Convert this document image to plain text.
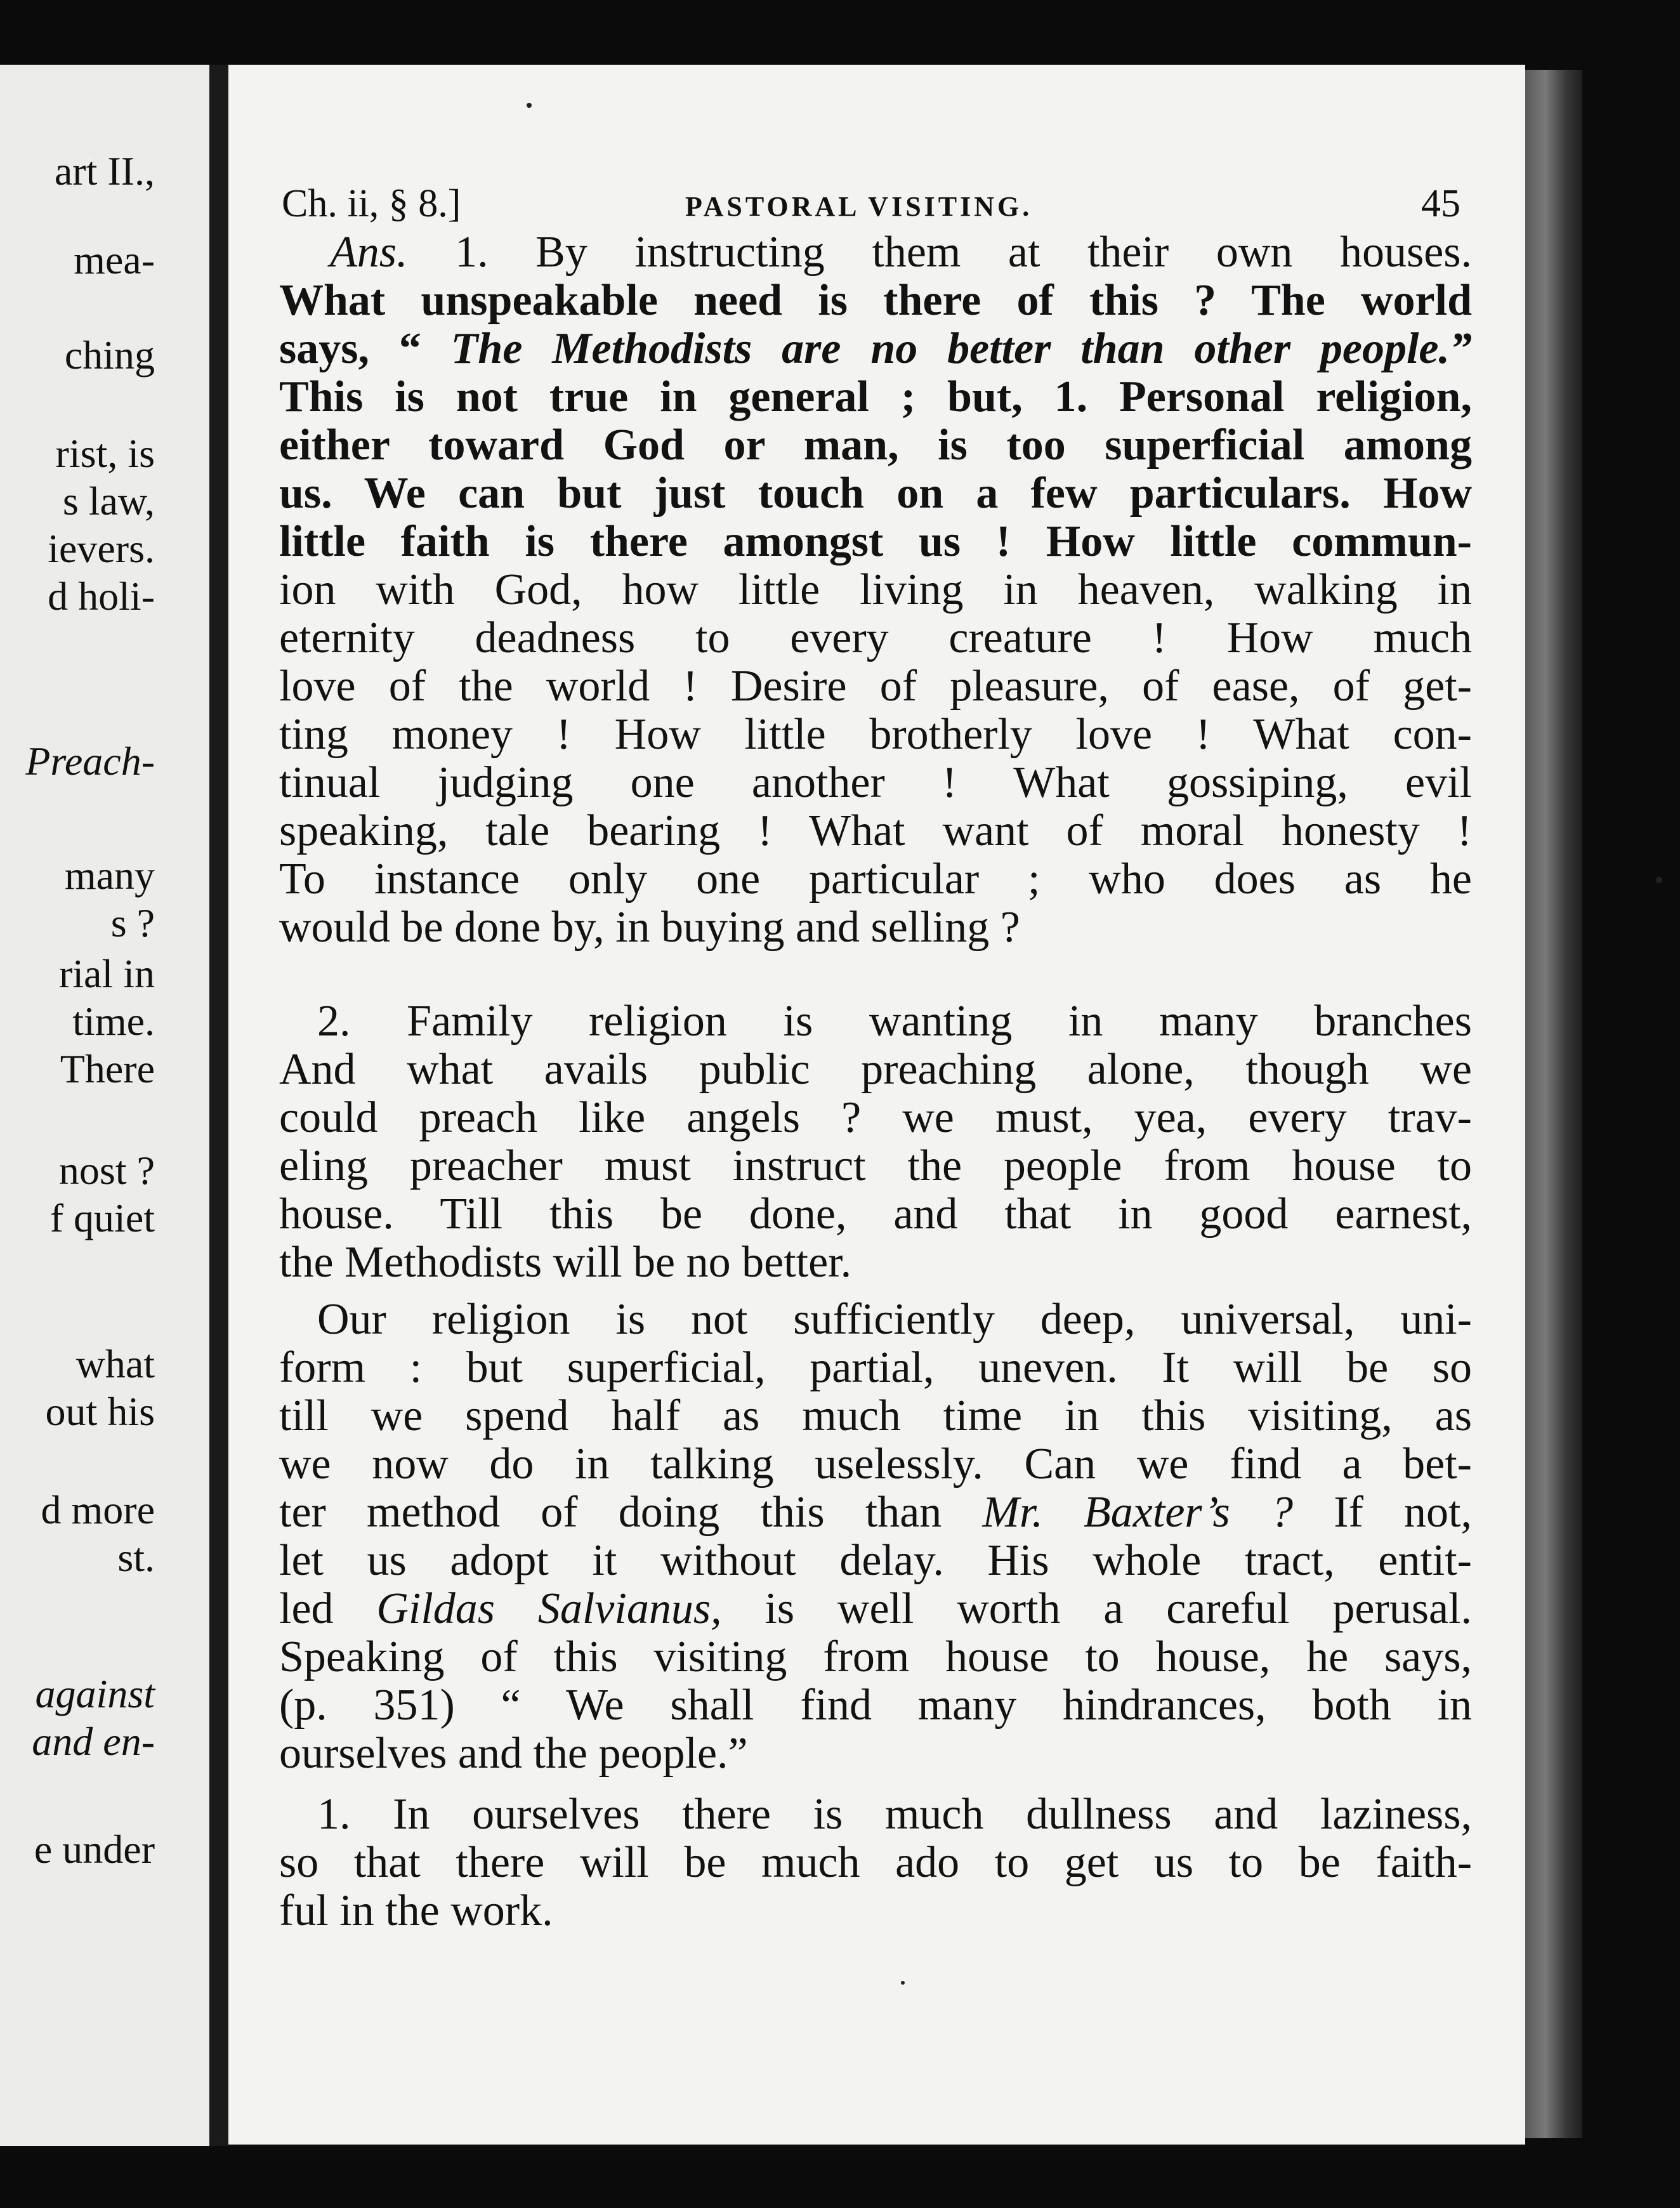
art II.,
mea-
ching
rist, is
s law,
ievers.
d holi-
Preach-
many
s ?
rial in
time.
There
nost ?
f quiet
what
out his
d more
st.
against
and en-
e under
Ch. ii, § 8.]	PASTORAL VISITING.	45
Ans. 1. By instructing them at their own houses.
What unspeakable need is there of this ? The world
says, “ The Methodists are no better than other people.”
This is not true in general ; but, 1. Personal religion,
either toward God or man, is too superficial among
us. We can but just touch on a few particulars. How
little faith is there amongst us ! How little commun-
ion with God, how little living in heaven, walking in
eternity deadness to every creature ! How much
love of the world ! Desire of pleasure, of ease, of get-
ting money ! How little brotherly love ! What con-
tinual judging one another ! What gossiping, evil
speaking, tale bearing ! What want of moral honesty !
To instance only one particular ; who does as he
would be done by, in buying and selling ?
2. Family religion is wanting in many branches
And what avails public preaching alone, though we
could preach like angels ? we must, yea, every trav-
eling preacher must instruct the people from house to
house. Till this be done, and that in good earnest,
the Methodists will be no better.
Our religion is not sufficiently deep, universal, uni-
form : but superficial, partial, uneven. It will be so
till we spend half as much time in this visiting, as
we now do in talking uselessly. Can we find a bet-
ter method of doing this than Mr. Baxter’s ? If not,
let us adopt it without delay. His whole tract, entit-
led Gildas Salvianus, is well worth a careful perusal.
Speaking of this visiting from house to house, he says,
(p. 351) “ We shall find many hindrances, both in
ourselves and the people.”
1. In ourselves there is much dullness and laziness,
so that there will be much ado to get us to be faith-
ful in the work.
